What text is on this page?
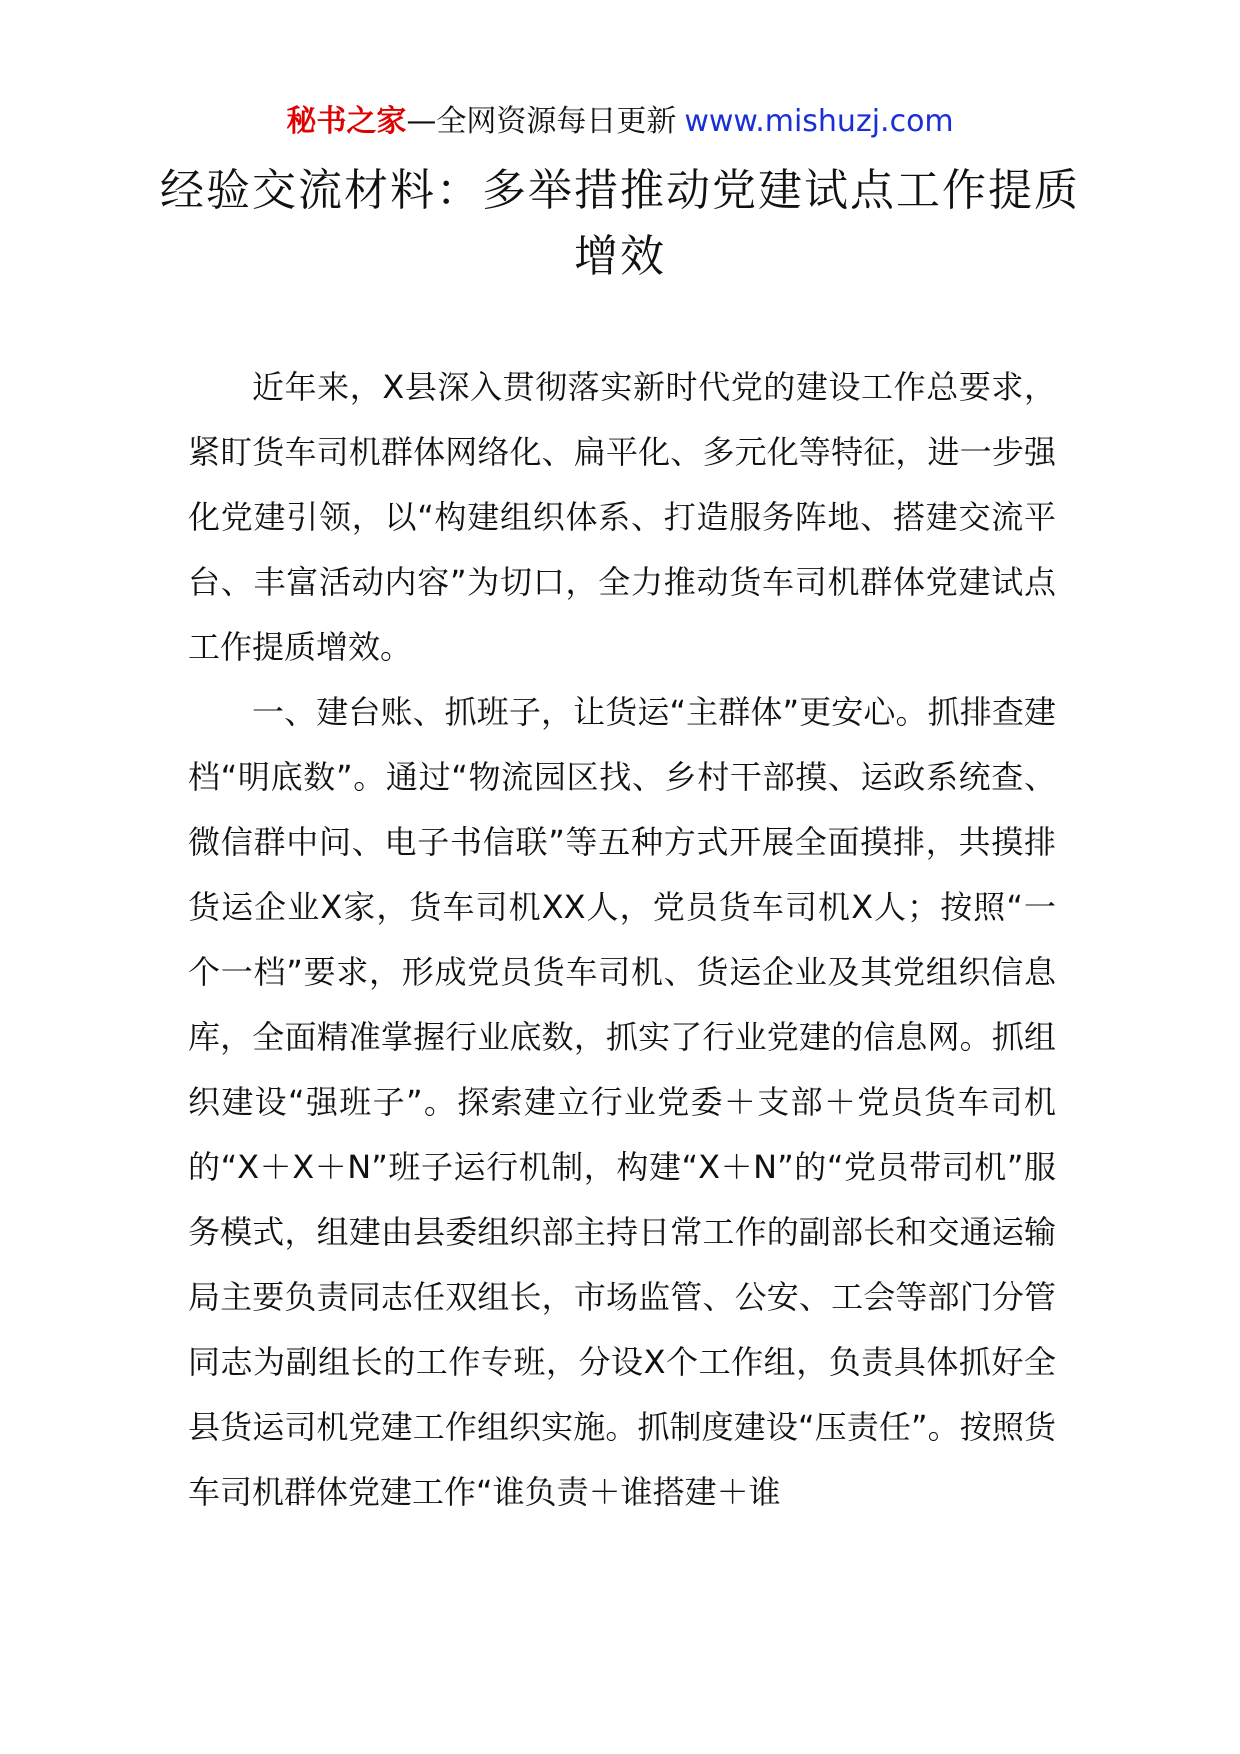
秘书之家—全网资源每日更新 www.mishuzj.com
经验交流材料：多举措推动党建试点工作提质增效

近年来，X县深入贯彻落实新时代党的建设工作总要求，紧盯货车司机群体网络化、扁平化、多元化等特征，进一步强化党建引领，以“构建组织体系、打造服务阵地、搭建交流平台、丰富活动内容”为切口，全力推动货车司机群体党建试点工作提质增效。

一、建台账、抓班子，让货运“主群体”更安心。抓排查建档“明底数”。通过“物流园区找、乡村干部摸、运政系统查、微信群中问、电子书信联”等五种方式开展全面摸排，共摸排货运企业X家，货车司机XX人，党员货车司机X人；按照“一个一档”要求，形成党员货车司机、货运企业及其党组织信息库，全面精准掌握行业底数，抓实了行业党建的信息网。抓组织建设“强班子”。探索建立行业党委＋支部＋党员货车司机的“X＋X＋N”班子运行机制，构建“X＋N”的“党员带司机”服务模式，组建由县委组织部主持日常工作的副部长和交通运输局主要负责同志任双组长，市场监管、公安、工会等部门分管同志为副组长的工作专班，分设X个工作组，负责具体抓好全县货运司机党建工作组织实施。抓制度建设“压责任”。按照货车司机群体党建工作“谁负责＋谁搭建＋谁
